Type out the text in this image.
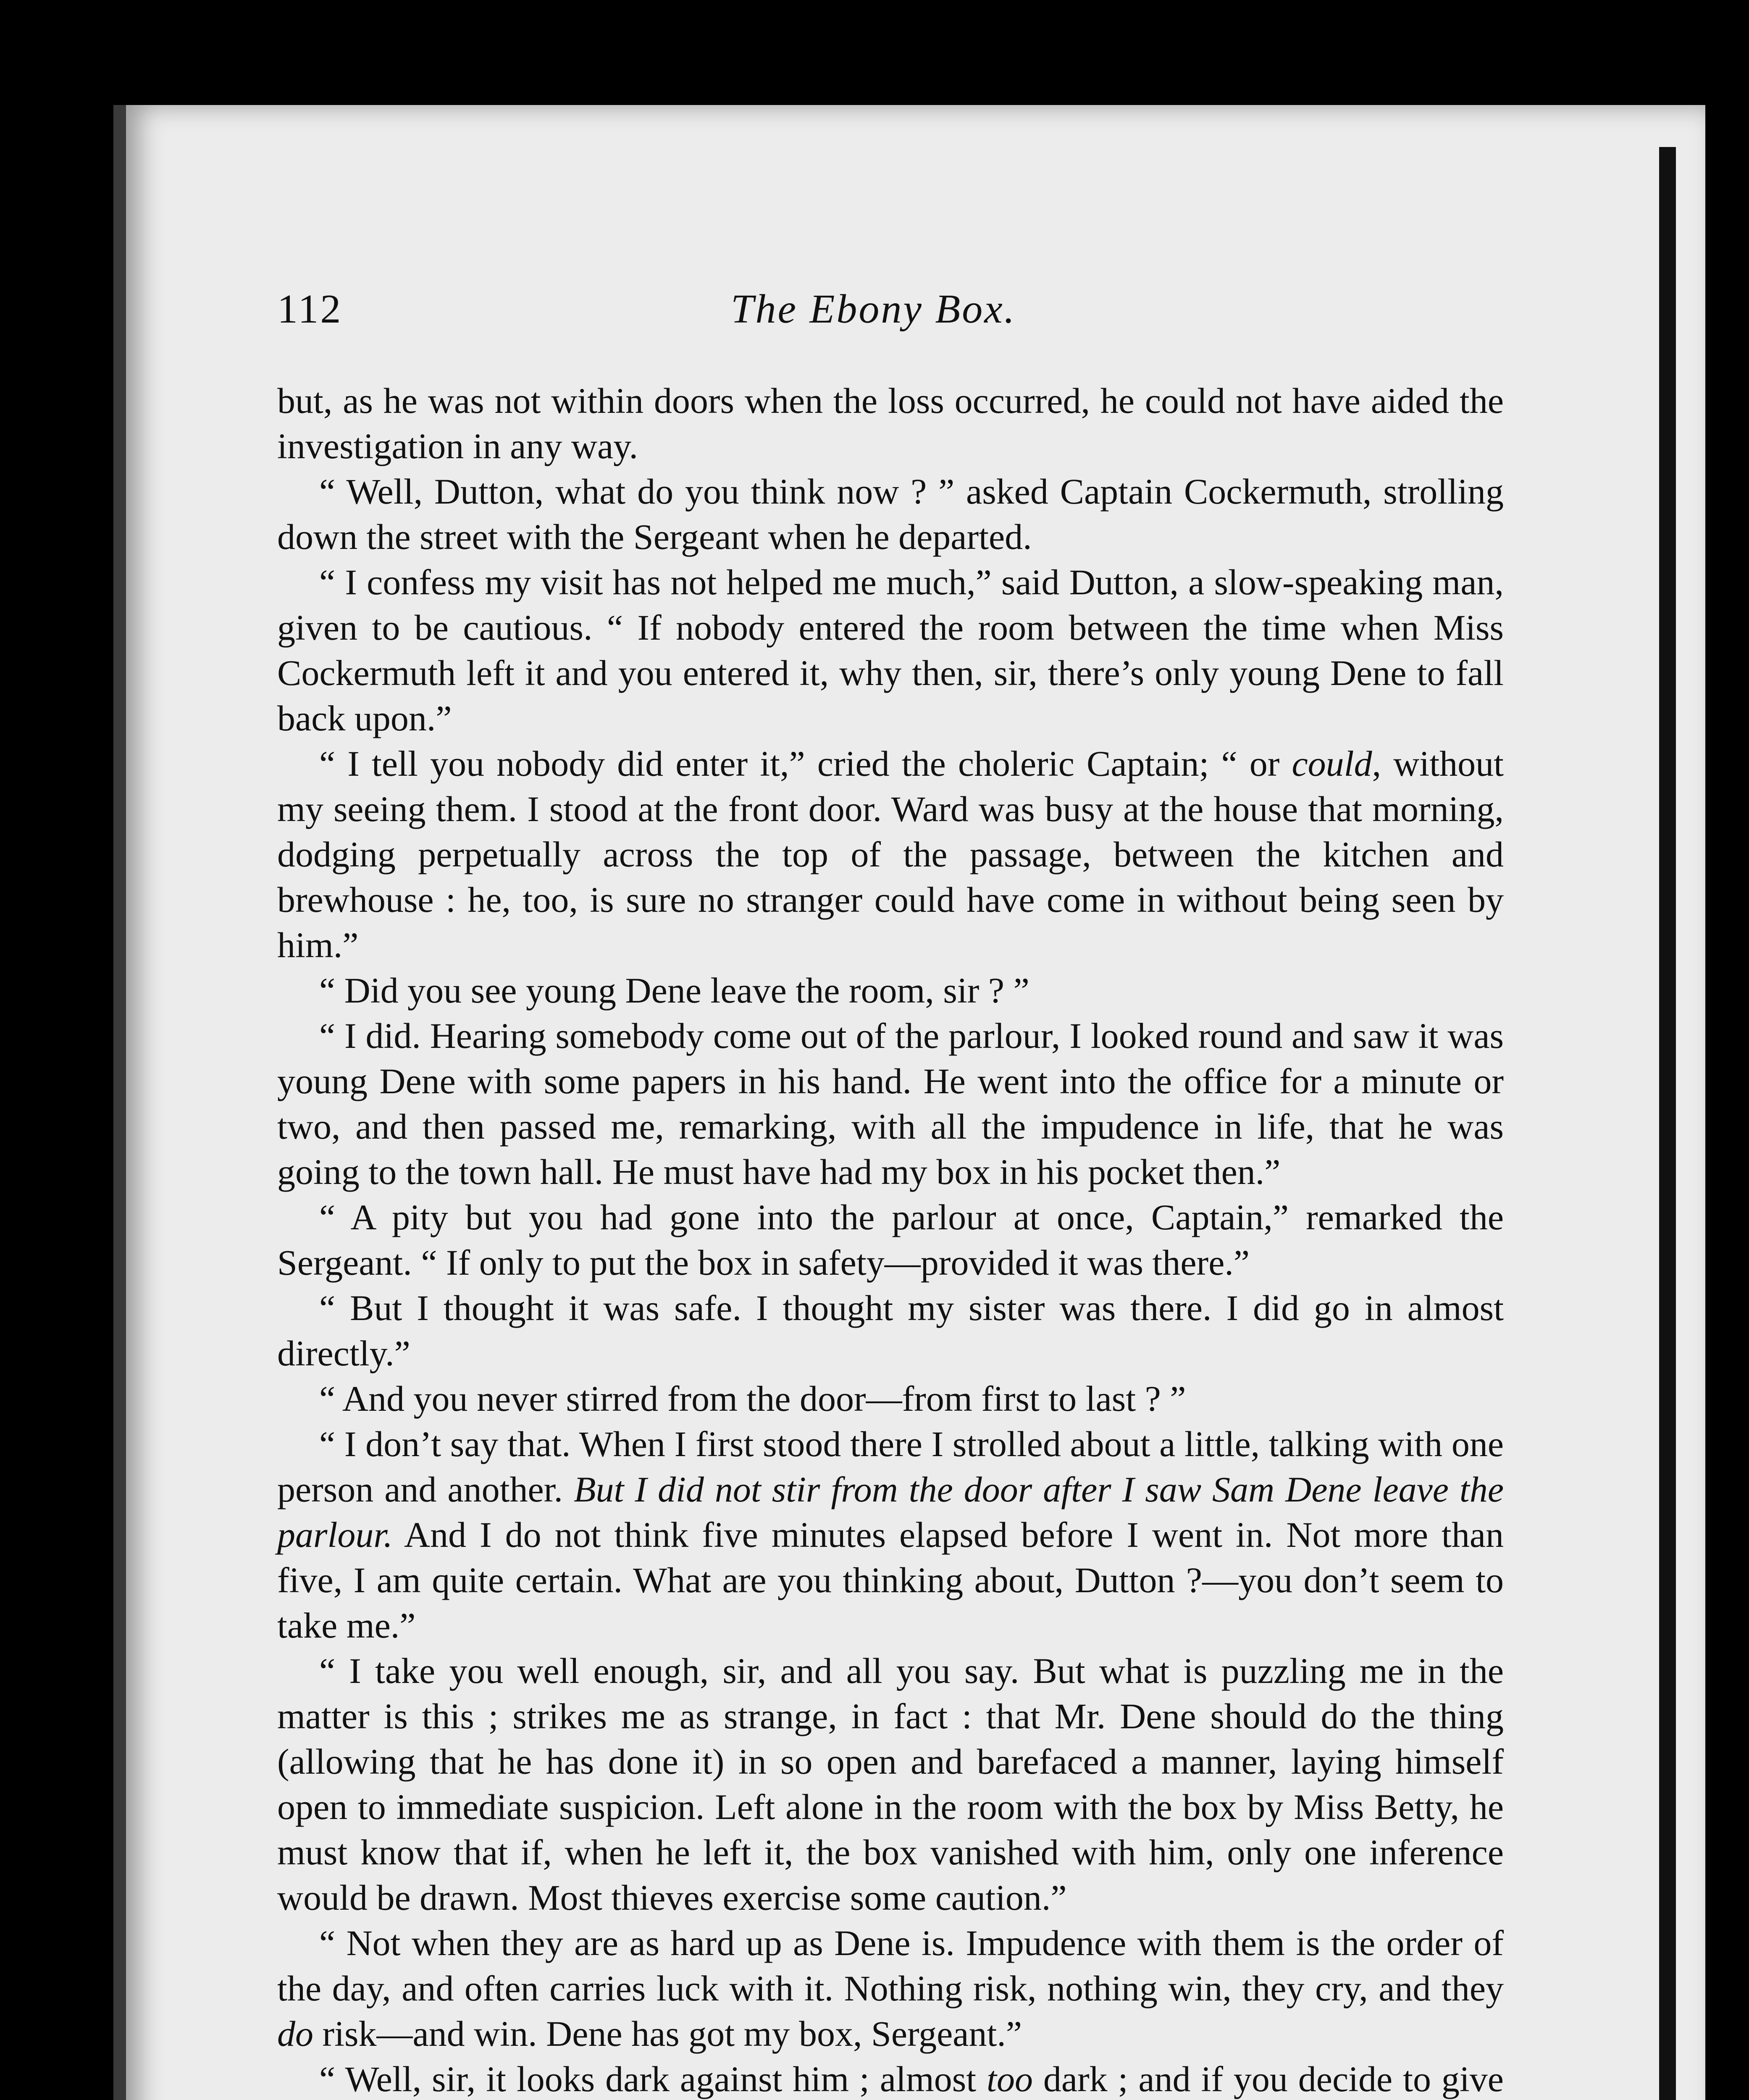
112	The Ebony Box.

but, as he was not within doors when the loss occurred, he could not have aided the investigation in any way.

“ Well, Dutton, what do you think now ? ” asked Captain Cockermuth, strolling down the street with the Sergeant when he departed.

“ I confess my visit has not helped me much,” said Dutton, a slow-speaking man, given to be cautious. “ If nobody entered the room between the time when Miss Cockermuth left it and you entered it, why then, sir, there’s only young Dene to fall back upon.”

“ I tell you nobody did enter it,” cried the choleric Captain; “ or could, without my seeing them. I stood at the front door. Ward was busy at the house that morning, dodging perpetually across the top of the passage, between the kitchen and brewhouse : he, too, is sure no stranger could have come in without being seen by him.”

“ Did you see young Dene leave the room, sir ? ”

“ I did. Hearing somebody come out of the parlour, I looked round and saw it was young Dene with some papers in his hand. He went into the office for a minute or two, and then passed me, remarking, with all the impudence in life, that he was going to the town hall. He must have had my box in his pocket then.”

“ A pity but you had gone into the parlour at once, Captain,” remarked the Sergeant. “ If only to put the box in safety—provided it was there.”

“ But I thought it was safe. I thought my sister was there. I did go in almost directly.”

“ And you never stirred from the door—from first to last ? ”

“ I don’t say that. When I first stood there I strolled about a little, talking with one person and another. But I did not stir from the door after I saw Sam Dene leave the parlour. And I do not think five minutes elapsed before I went in. Not more than five, I am quite certain. What are you thinking about, Dutton ?—you don’t seem to take me.”

“ I take you well enough, sir, and all you say. But what is puzzling me in the matter is this ; strikes me as strange, in fact : that Mr. Dene should do the thing (allowing that he has done it) in so open and barefaced a manner, laying himself open to immediate suspicion. Left alone in the room with the box by Miss Betty, he must know that if, when he left it, the box vanished with him, only one inference would be drawn. Most thieves exercise some caution.”

“ Not when they are as hard up as Dene is. Impudence with them is the order of the day, and often carries luck with it. Nothing risk, nothing win, they cry, and they do risk—and win. Dene has got my box, Sergeant.”

“ Well, sir, it looks dark against him ; almost too dark ; and if you decide to give
